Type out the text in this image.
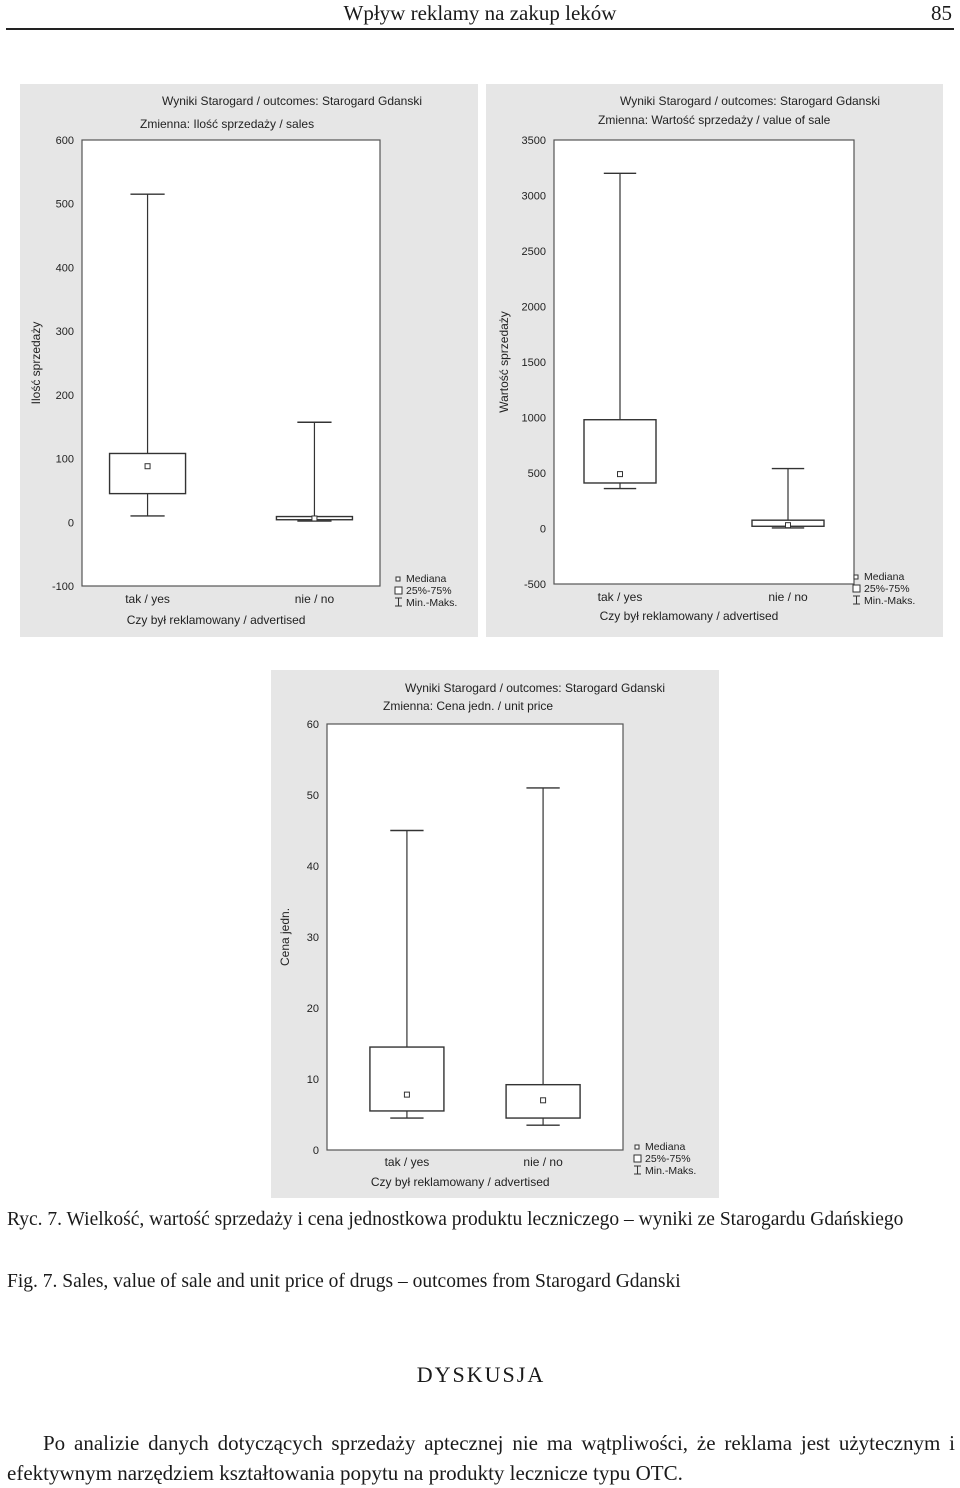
Wpływ reklamy na zakup leków	85
Wyniki Starogard / outcomes: Starogard Gdanski
Zmienna: Ilość sprzedaży / sales
-100
0
100
200
300
400
500
600
Ilość sprzedaży
tak / yes	nie / no
Czy był reklamowany / advertised
Mediana
25%-75%
Min.-Maks.
Wyniki Starogard / outcomes: Starogard Gdanski
Zmienna: Wartość sprzedaży / value of sale
-500
0
500
1000
1500
2000
2500
3000
3500
Wartość sprzedaży
tak / yes	nie / no
Czy był reklamowany / advertised
Mediana
25%-75%
Min.-Maks.
Wyniki Starogard / outcomes: Starogard Gdanski
Zmienna: Cena jedn. / unit price
0
10
20
30
40
50
60
Cena jedn.
tak / yes	nie / no
Czy był reklamowany / advertised
Mediana
25%-75%
Min.-Maks.
Ryc. 7. Wielkość, wartość sprzedaży i cena jednostkowa produktu leczniczego – wyniki ze Starogardu Gdańskiego
Fig. 7. Sales, value of sale and unit price of drugs – outcomes from Starogard Gdanski
DYSKUSJA
Po analizie danych dotyczących sprzedaży aptecznej nie ma wątpliwości, że reklama jest użytecznym i efektywnym narzędziem kształtowania popytu na produkty lecznicze typu OTC.
